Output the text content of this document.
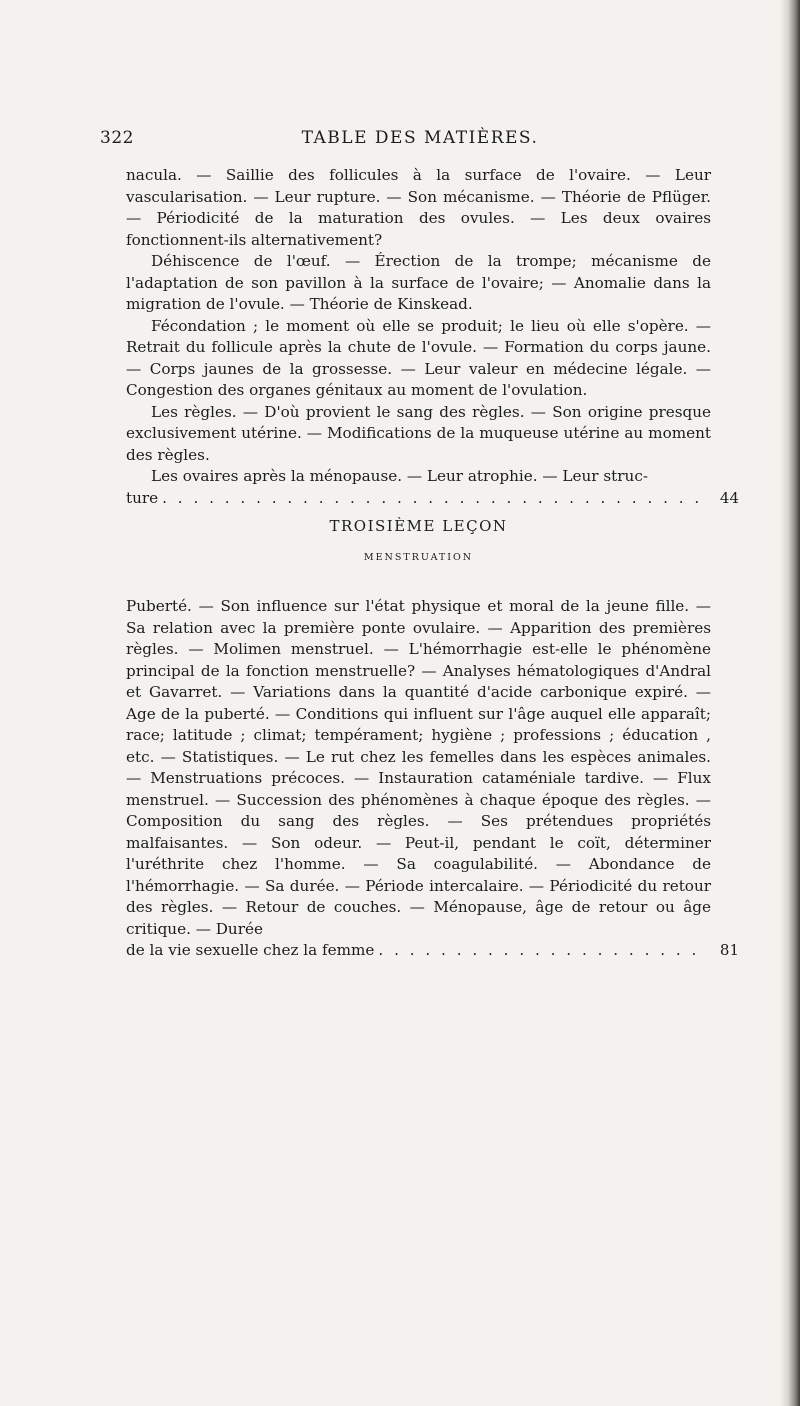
322	TABLE DES MATIÈRES.

nacula. — Saillie des follicules à la surface de l'ovaire. — Leur vascularisation. — Leur rupture. — Son mécanisme. — Théorie de Pflüger. — Périodicité de la maturation des ovules. — Les deux ovaires fonctionnent-ils alternativement?

Déhiscence de l'œuf. — Érection de la trompe; mécanisme de l'adaptation de son pavillon à la surface de l'ovaire; — Anomalie dans la migration de l'ovule. — Théorie de Kinskead.

Fécondation ; le moment où elle se produit; le lieu où elle s'opère. — Retrait du follicule après la chute de l'ovule. — Formation du corps jaune. — Corps jaunes de la grossesse. — Leur valeur en médecine légale. — Congestion des organes génitaux au moment de l'ovulation.

Les règles. — D'où provient le sang des règles. — Son origine presque exclusivement utérine. — Modifications de la muqueuse utérine au moment des règles.

Les ovaires après la ménopause. — Leur atrophie. — Leur struc-

ture . . .	44
TROISIÈME LEÇON
MENSTRUATION

Puberté. — Son influence sur l'état physique et moral de la jeune fille. — Sa relation avec la première ponte ovulaire. — Apparition des premières règles. — Molimen menstruel. — L'hémorrhagie est-elle le phénomène principal de la fonction menstruelle? — Analyses hématologiques d'Andral et Gavarret. — Variations dans la quantité d'acide carbonique expiré. — Age de la puberté. — Conditions qui influent sur l'âge auquel elle apparaît; race; latitude ; climat; tempérament; hygiène ; professions ; éducation , etc. — Statistiques. — Le rut chez les femelles dans les espèces animales. — Menstruations précoces. — Instauration cataméniale tardive. — Flux menstruel. — Succession des phénomènes à chaque époque des règles. — Composition du sang des règles. — Ses prétendues propriétés malfaisantes. — Son odeur. — Peut-il, pendant le coït, déterminer l'uréthrite chez l'homme. — Sa coagulabilité. — Abondance de l'hémorrhagie. — Sa durée. — Période intercalaire. — Périodicité du retour des règles. — Retour de couches. — Ménopause, âge de retour ou âge critique. — Durée

de la vie sexuelle chez la femme . . .	81
